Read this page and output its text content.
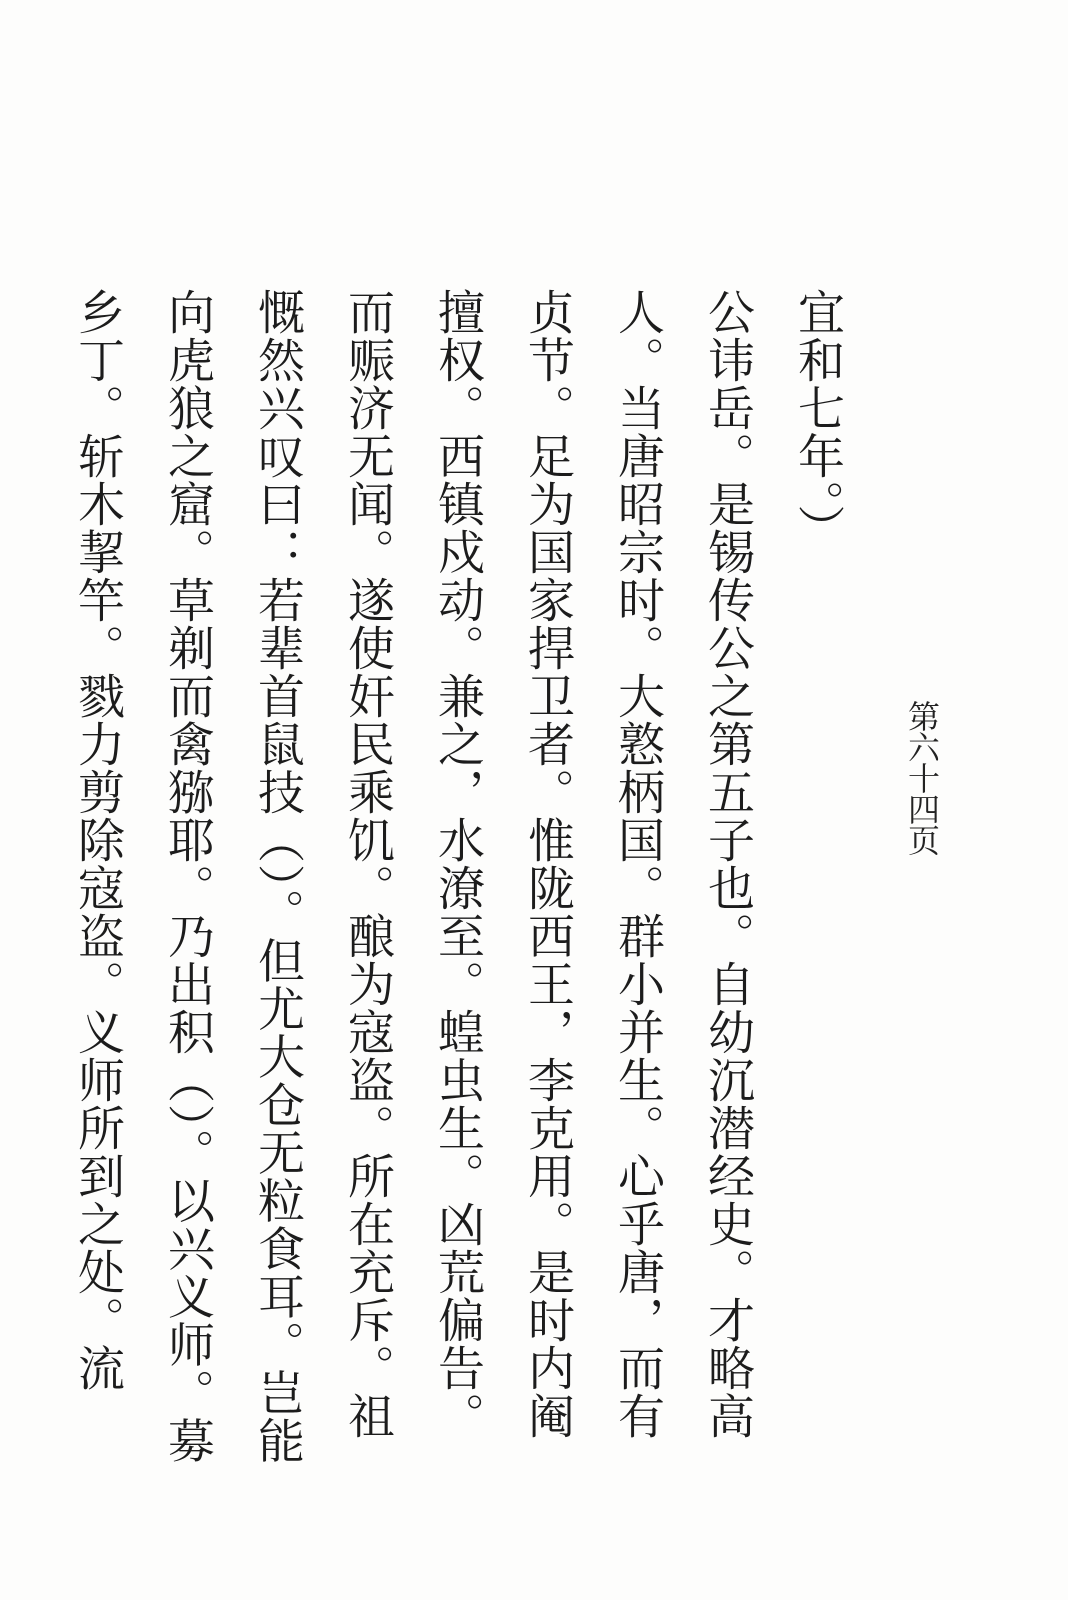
第六十四页
宜和七年。）
公讳岳。是锡传公之第五子也。自幼沉潜经史。才略高
人。当唐昭宗时。大憝柄国。群小并生。心乎唐，而有
贞节。足为国家捍卫者。惟陇西王，李克用。是时内阉
擅权。西镇戍动。兼之，水潦至。蝗虫生。凶荒偏告。
而赈济无闻。遂使奸民乘饥。酿为寇盗。所在充斥。祖
慨然兴叹曰：若辈首鼠技（）。但尤大仓无粒食耳。岂能
向虎狼之窟。草剃而禽猕耶。乃出积（）。以兴义师。募
乡丁。斩木挈竿。戮力剪除寇盗。义师所到之处。流
